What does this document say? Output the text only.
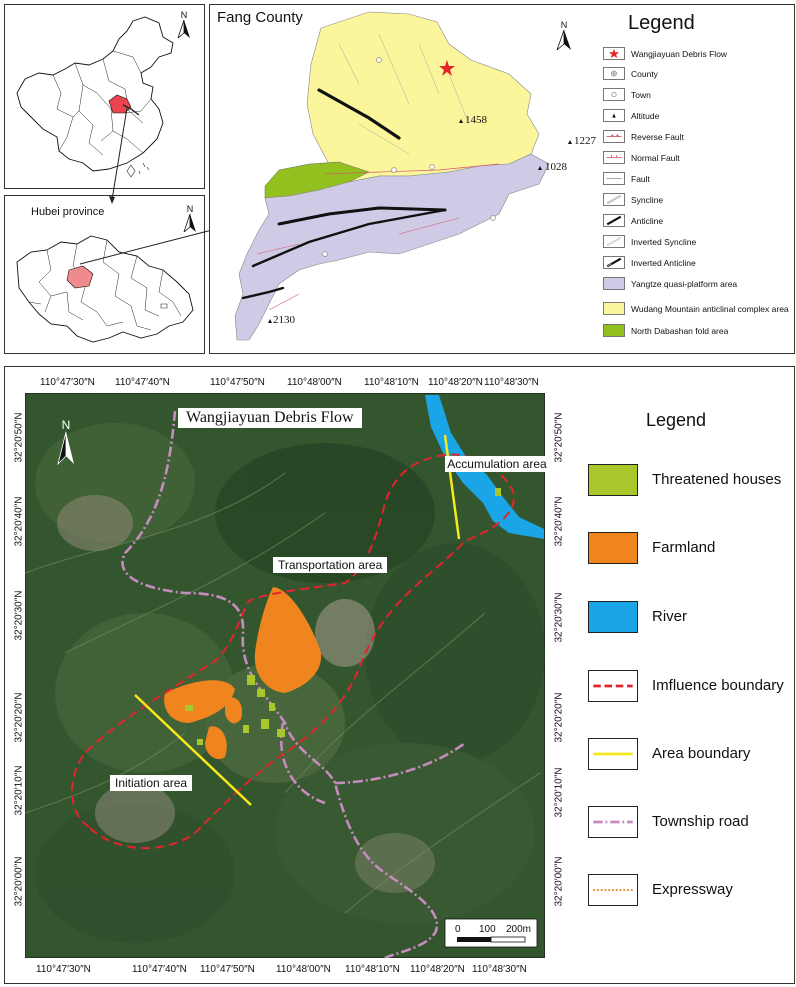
N
Hubei province	N
Fang County
1458
1227
1028
2130
N	Legend
Wangjiayuan Debris Flow
County
Town
Altitude
Reverse Fault
Normal Fault
Fault
Syncline
Anticline
Inverted Syncline
Inverted Anticline
Yangtze quasi-platform area
Wudang Mountain anticlinal complex area
North Dabashan fold area
110°47′30″N 110°47′40″N	110°47′50″N 110°48′00″N 110°48′10″N 110°48′20″N 110°48′30″N
110°47′30″N	110°47′40″N 110°47′50″N 110°48′00″N 110°48′10″N 110°48′20″N 110°48′30″N
32°20′50″N
32°20′40″N
32°20′30″N
32°20′20″N
32°20′10″N
32°20′00″N
32°20′50″N
32°20′40″N
32°20′30″N
32°20′20″N
32°20′10″N
32°20′00″N
Wangjiayuan Debris Flow
N
Accumulation area
Transportation area
Initiation area
0 100 200m
Legend
Threatened houses
Farmland
River
Imfluence boundary
Area boundary
Township road
Expressway
